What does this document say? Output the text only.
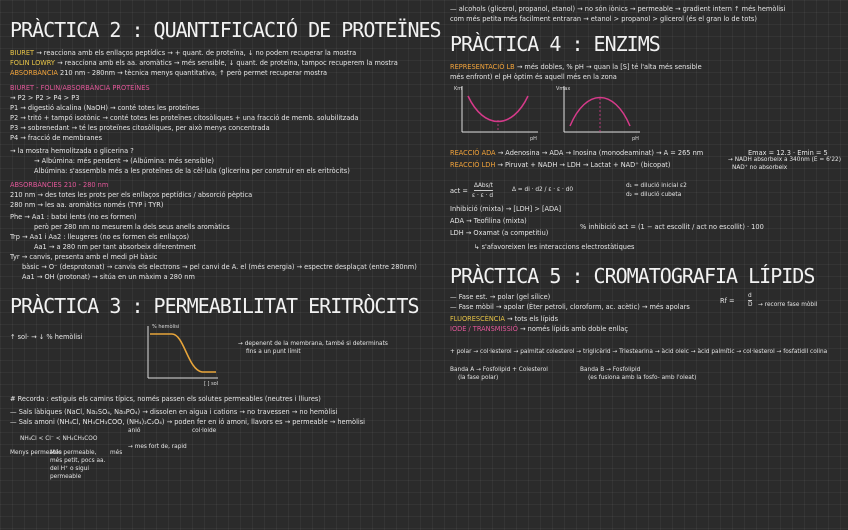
PRÀCTICA 2 : QUANTIFICACIÓ DE PROTEÏNES
BIURET → reacciona amb els enllaços peptídics → + quant. de proteïna, ↓ no podem recuperar la mostra
FOLIN LOWRY → reacciona amb els aa. aromàtics → més sensible, ↓ quant. de proteïna, tampoc recuperem la mostra
ABSORBÀNCIA 210 nm - 280nm → tècnica menys quantitativa, ↑ però permet recuperar mostra
BIURET - FOLIN/ABSORBÀNCIA PROTEÏNES
→ P2 > P2 > P4 > P3
P1 → digestió alcalina (NaOH) → conté totes les proteïnes
P2 → tritó + tampó isotònic → conté totes les proteïnes citosòliques + una fracció de memb. solubilitzada
P3 → sobrenedant → té les proteïnes citosòliques, per això menys concentrada
P4 → fracció de membranes
→ la mostra hemolitzada o glicerina ?
→ Albúmina: més pendent → (Albúmina: més sensible)
Albúmina: s'assembla més a les proteïnes de la cèl·lula (glicerina per construir en els eritròcits)
ABSORBÀNCIES 210 - 280 nm
210 nm → des totes les prots per els enllaços peptídics / absorció pèptica
280 nm → les aa. aromàtics només (TYP i TYR)
Phe → Aa1 : batxi lents (no es formen)
però per 280 nm no mesurem la dels seus anells aromàtics
Trp → Aa1 i Aa2 : lleugeres (no es formen els enllaços)
Aa1 → a 280 nm per tant absorbeix diferentment
Tyr → canvis, presenta amb el medi pH bàsic
bàsic → O⁻ (desprotonat) → canvia els electrons → pel canvi de A. el (més energia) → espectre desplaçat (entre 280nm)
Aa1 → OH (protonat) → sitúa en un màxim a 280 nm
PRÀCTICA 3 : PERMEABILITAT ERITRÒCITS
↑ sol· → ↓ % hemòlisi
% hemòlisi
[ ] sol
→ depenent de la membrana, també si determinats
fins a un punt límit
# Recorda : estiguis els camins típics, només passen els solutes permeables (neutres i lliures)
— Sals làbiques (NaCl, Na₂SO₄, Na₃PO₄) → dissolen en aigua i cations → no travessen → no hemòlisi
— Sals amoni (NH₄Cl, NH₄CH₃COO, (NH₄)₂C₂O₄) → poden fer en ió amoni, llavors es → permeable → hemòlisi
anió	col·loide
NH₄Cl < Cl⁻ < NH₄CH₃COO
→ mes fort de, rapid
Menys permeable
Més permeable, més petit, pocs aa. del H⁺ o sigui permeable
més
— alcohols (glicerol, propanol, etanol) → no són iònics → permeable → gradient intern ↑ més hemòlisi
com més petita més facilment entraran → etanol > propanol > glicerol (és el gran lo de tots)
PRÀCTICA 4 : ENZIMS
REPRESENTACIÓ LB → més dobles, % pH → quan la [S] té l'alta més sensible
més enfront) el pH òptim és aquell més en la zona
Km
pH
Vmax
pH
REACCIÓ ADA → Adenosina → ADA → Inosina (monodeaminat) → A = 265 nm	Emax = 12.3 · Emin = 5
REACCIÓ LDH → Piruvat + NADH → LDH → Lactat + NAD⁺ (bicopat)
→ NADH absorbeix a 340nm (E = 6'22)
NAD⁺ no absorbeix
act =
ΔAbs/t
ε · ε · d
Δ = di · d2 / ε · ε · d0
d₁ = dilució inicial ε2
d₂ = dilució cubeta
Inhibició (mixta) → [LDH] > [ADA]
ADA → Teofilina (mixta)
LDH → Oxamat (a competitiu)
% inhibició act = (1 − act escollit / act no escollit) · 100
↳ s'afavoreixen les interaccions electrostàtiques
PRÀCTICA 5 : CROMATOGRAFIA LÍPIDS
— Fase est. → polar (gel sílice)
— Fase mòbil → apolar (Èter petroli, cloroform, ac. acètic) → més apolars
Rf =
d
D → recorre fase mòbil
FLUORESCÈNCIA → tots els lípids
IODE / TRANSMISSIÓ → només lípids amb doble enllaç
+ polar → col·lesterol → palmitat colesterol → triglicèrid → Triestearina → àcid oleic → àcid palmític → col·lesterol → fosfatidil colina
Banda A → Fosfolipid + Colesterol
(la fase polar)
Banda B → Fosfolipid
(es fusiona amb la fosfo- amb l'oleat)
